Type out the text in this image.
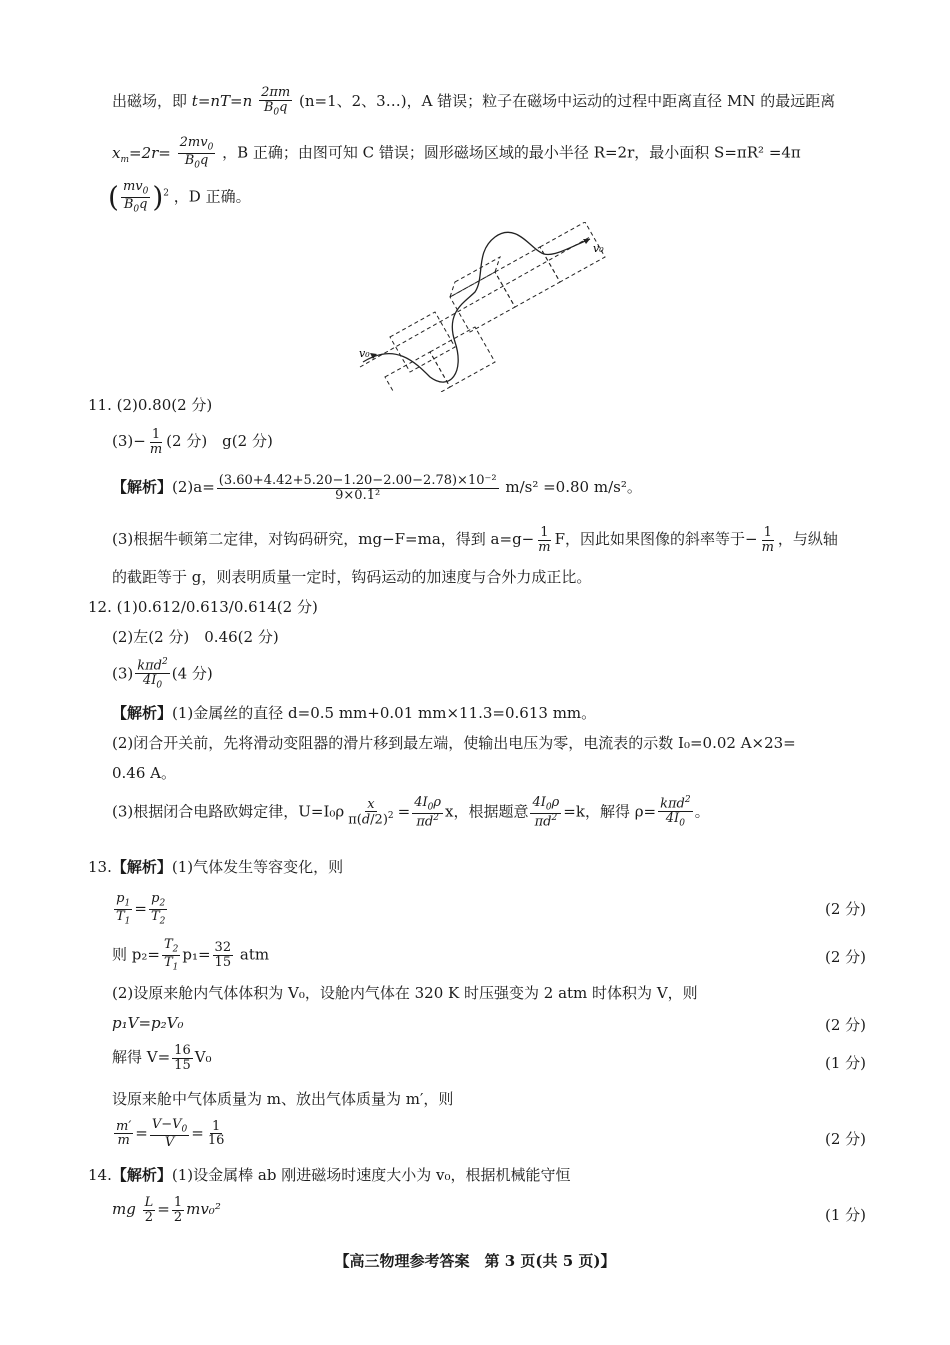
出磁场，即 $t=nT=n \frac{2\pi m}{B_0q} (n=1$、2、3…)，A 错误；粒子在磁场中运动的过程中距离直径 MN 的最远距离
$x_m=2r= \frac{2mv_0}{B_0q}$ ，B 正确；由图可知 C 错误；圆形磁场区域的最小半径 R=2r，最小面积 S=πR² =4π
( $\frac{mv_0}{B_0q} )^2$ ，D 正确。
v₀
v₀
11. (2)0.80(2 分)
$(3)- \frac{1}{m} (2$ 分)　g(2 分)
【解析】$(2)a= \frac{\text{(3.60+4.42+5.20−1.20−2.00−2.78)×10⁻²}}{\text{9×0.1²}} m/s^2 =0.80$ m/s²。
(3)根据牛顿第二定律，对钩码研究，mg−F=ma，得到 $a=g- \frac{1}{m}$ F，因此如果图像的斜率等于− $\frac{1}{m}$ ，与纵轴
的截距等于 g，则表明质量一定时，钩码运动的加速度与合外力成正比。
12. (1)0.612/0.613/0.614(2 分)
(2)左(2 分)　0.46(2 分)
$(3) \frac{k\pi d^2}{4I_0} (4$ 分)
【解析】(1)金属丝的直径 d=0.5 mm+0.01 mm×11.3=0.613 mm。
(2)闭合开关前，先将滑动变阻器的滑片移到最左端，使输出电压为零，电流表的示数 I₀=0.02 A×23=
0.46 A。
(3)根据闭合电路欧姆定律，$U=I_0\rho \frac{x}{\pi(d/2)^2} = \frac{4I_0\rho}{\pi d^2}$ x，根据题意 $\frac{4I_0\rho}{\pi d^2} =k$，解得 $\rho= \frac{k\pi d^2}{4I_0}$ 。
13.【解析】(1)气体发生等容变化，则
$\frac{p_1}{T_1} = \frac{p_2}{T_2}$	(2 分)
则 $p_2= \frac{T_2}{T_1} p_1= \frac{32}{15}$ atm	(2 分)
(2)设原来舱内气体体积为 V₀，设舱内气体在 320 K 时压强变为 2 atm 时体积为 V，则
p₁V=p₂V₀	(2 分)
解得 $V= \frac{16}{15} V_0$	(1 分)
设原来舱中气体质量为 m、放出气体质量为 m′，则
$\frac{m'}{m} = \frac{V-V_0}{V} = \frac{1}{16}$	(2 分)
14.【解析】(1)设金属棒 ab 刚进磁场时速度大小为 v₀，根据机械能守恒
mg $\frac{L}{2} = \frac{1}{2} mv_0^2$	(1 分)
【高三物理参考答案　第 3 页(共 5 页)】
